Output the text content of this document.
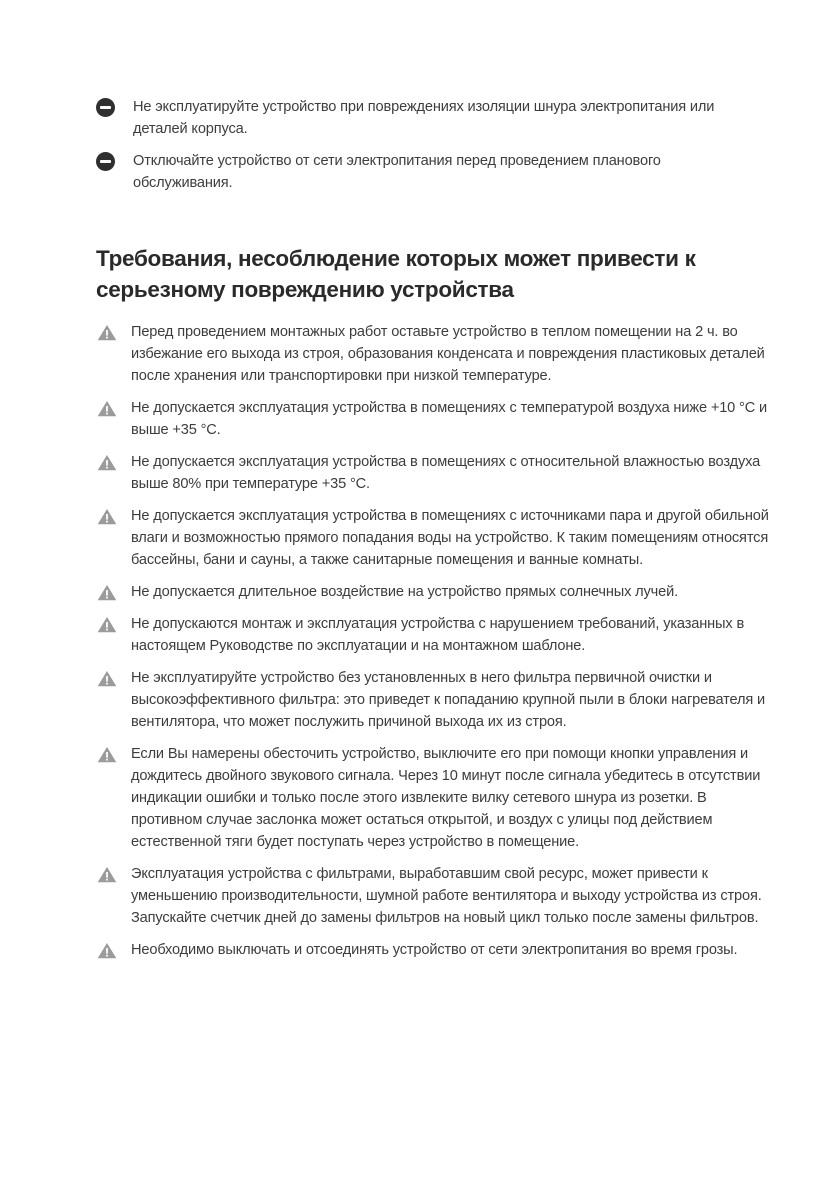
Не эксплуатируйте устройство при повреждениях изоляции шнура электропитания или деталей корпуса.
Отключайте устройство от сети электропитания перед проведением планового обслуживания.
Требования, несоблюдение которых может привести к серьезному повреждению устройства
Перед проведением монтажных работ оставьте устройство в теплом помещении на 2 ч. во избежание его выхода из строя, образования конденсата и повреждения пластиковых деталей после хранения или транспортировки при низкой температуре.
Не допускается эксплуатация устройства в помещениях с температурой воздуха ниже +10 °С и выше +35 °С.
Не допускается эксплуатация устройства в помещениях с относительной влажностью воздуха выше 80% при температуре +35 °С.
Не допускается эксплуатация устройства в помещениях с источниками пара и другой обильной влаги и возможностью прямого попадания воды на устройство. К таким помещениям относятся бассейны, бани и сауны, а также санитарные помещения и ванные комнаты.
Не допускается длительное воздействие на устройство прямых солнечных лучей.
Не допускаются монтаж и эксплуатация устройства с нарушением требований, указанных в настоящем Руководстве по эксплуатации и на монтажном шаблоне.
Не эксплуатируйте устройство без установленных в него фильтра первичной очистки и высокоэффективного фильтра: это приведет к попаданию крупной пыли в блоки нагревателя и вентилятора, что может послужить причиной выхода их из строя.
Если Вы намерены обесточить устройство, выключите его при помощи кнопки управления и дождитесь двойного звукового сигнала. Через 10 минут после сигнала убедитесь в отсутствии индикации ошибки и только после этого извлеките вилку сетевого шнура из розетки. В противном случае заслонка может остаться открытой, и воздух с улицы под действием естественной тяги будет поступать через устройство в помещение.
Эксплуатация устройства с фильтрами, выработавшим свой ресурс, может привести к уменьшению производительности, шумной работе вентилятора и выходу устройства из строя. Запускайте счетчик дней до замены фильтров на новый цикл только после замены фильтров.
Необходимо выключать и отсоединять устройство от сети электропитания во время грозы.
